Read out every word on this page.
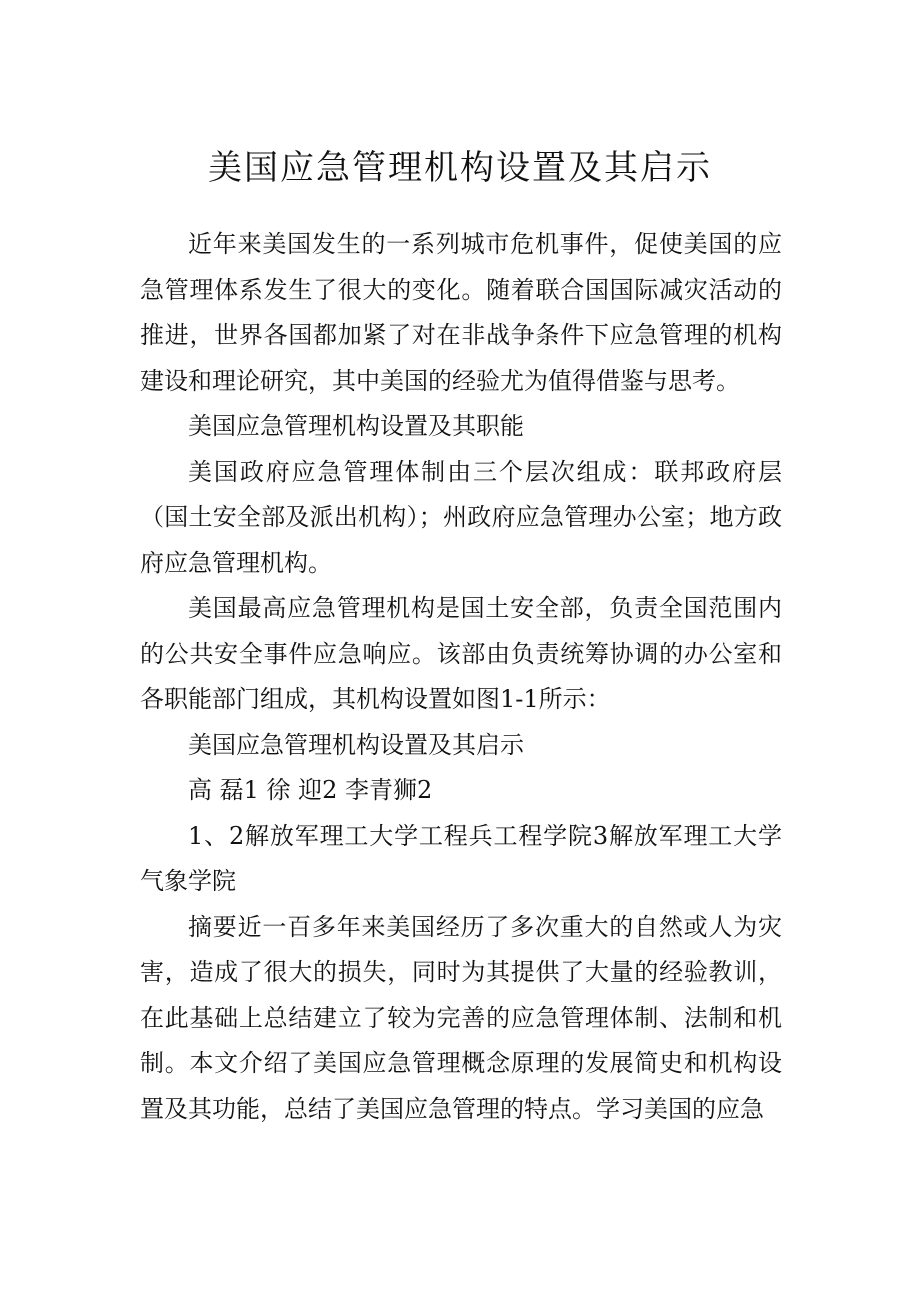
美国应急管理机构设置及其启示

近年来美国发生的一系列城市危机事件，促使美国的应急管理体系发生了很大的变化。随着联合国国际减灾活动的推进，世界各国都加紧了对在非战争条件下应急管理的机构建设和理论研究，其中美国的经验尤为值得借鉴与思考。

美国应急管理机构设置及其职能

美国政府应急管理体制由三个层次组成：联邦政府层（国土安全部及派出机构）；州政府应急管理办公室；地方政府应急管理机构。

美国最高应急管理机构是国土安全部，负责全国范围内的公共安全事件应急响应。该部由负责统筹协调的办公室和各职能部门组成，其机构设置如图1-1所示：

美国应急管理机构设置及其启示

高 磊1 徐 迎2 李青狮2

1、2解放军理工大学工程兵工程学院3解放军理工大学气象学院

摘要近一百多年来美国经历了多次重大的自然或人为灾害，造成了很大的损失，同时为其提供了大量的经验教训，在此基础上总结建立了较为完善的应急管理体制、法制和机制。本文介绍了美国应急管理概念原理的发展简史和机构设置及其功能，总结了美国应急管理的特点。学习美国的应急
